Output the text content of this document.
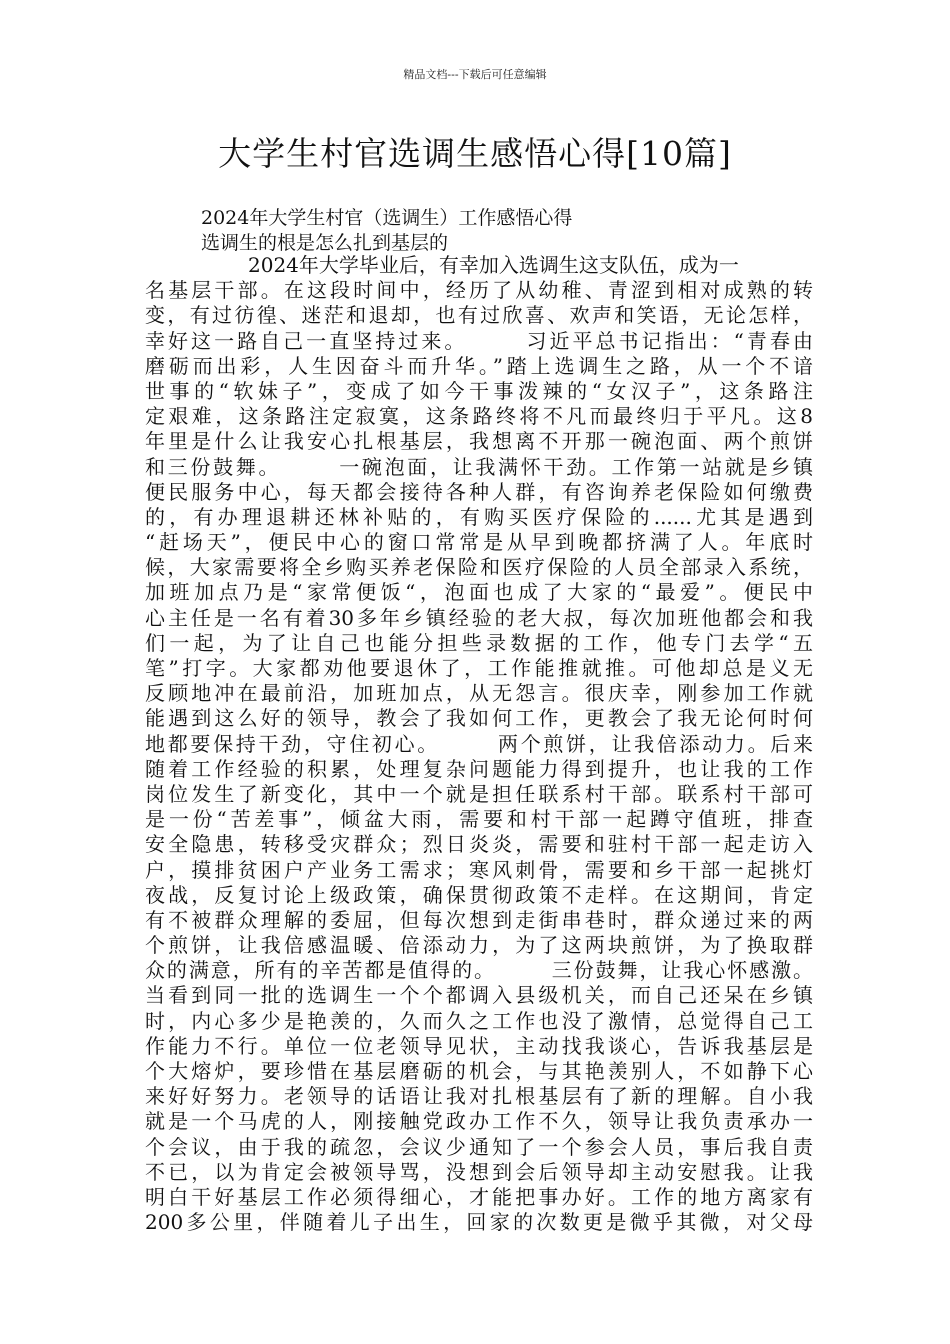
精品文档---下载后可任意编辑
大学生村官选调生感悟心得[10篇]
2024年大学生村官（选调生）工作感悟心得
选调生的根是怎么扎到基层的
2024年大学毕业后，有幸加入选调生这支队伍，成为一
名基层干部。在这段时间中，经历了从幼稚、青涩到相对成熟的转
变，有过彷徨、迷茫和退却，也有过欣喜、欢声和笑语，无论怎样，
幸好这一路自己一直坚持过来。　　　习近平总书记指出：“青春由
磨砺而出彩，人生因奋斗而升华。”踏上选调生之路，从一个不谙
世事的“软妹子”，变成了如今干事泼辣的“女汉子”，这条路注
定艰难，这条路注定寂寞，这条路终将不凡而最终归于平凡。这8
年里是什么让我安心扎根基层，我想离不开那一碗泡面、两个煎饼
和三份鼓舞。　　　一碗泡面，让我满怀干劲。工作第一站就是乡镇
便民服务中心，每天都会接待各种人群，有咨询养老保险如何缴费
的，有办理退耕还林补贴的，有购买医疗保险的......尤其是遇到
“赶场天”，便民中心的窗口常常是从早到晚都挤满了人。年底时
候，大家需要将全乡购买养老保险和医疗保险的人员全部录入系统，
加班加点乃是“家常便饭“，泡面也成了大家的“最爱”。便民中
心主任是一名有着30多年乡镇经验的老大叔，每次加班他都会和我
们一起，为了让自己也能分担些录数据的工作，他专门去学“五
笔”打字。大家都劝他要退休了，工作能推就推。可他却总是义无
反顾地冲在最前沿，加班加点，从无怨言。很庆幸，刚参加工作就
能遇到这么好的领导，教会了我如何工作，更教会了我无论何时何
地都要保持干劲，守住初心。　　　两个煎饼，让我倍添动力。后来
随着工作经验的积累，处理复杂问题能力得到提升，也让我的工作
岗位发生了新变化，其中一个就是担任联系村干部。联系村干部可
是一份“苦差事”，倾盆大雨，需要和村干部一起蹲守值班，排查
安全隐患，转移受灾群众；烈日炎炎，需要和驻村干部一起走访入
户，摸排贫困户产业务工需求；寒风刺骨，需要和乡干部一起挑灯
夜战，反复讨论上级政策，确保贯彻政策不走样。在这期间，肯定
有不被群众理解的委屈，但每次想到走街串巷时，群众递过来的两
个煎饼，让我倍感温暖、倍添动力，为了这两块煎饼，为了换取群
众的满意，所有的辛苦都是值得的。　　　三份鼓舞，让我心怀感激。
当看到同一批的选调生一个个都调入县级机关，而自己还呆在乡镇
时，内心多少是艳羡的，久而久之工作也没了激情，总觉得自己工
作能力不行。单位一位老领导见状，主动找我谈心，告诉我基层是
个大熔炉，要珍惜在基层磨砺的机会，与其艳羡别人，不如静下心
来好好努力。老领导的话语让我对扎根基层有了新的理解。自小我
就是一个马虎的人，刚接触党政办工作不久，领导让我负责承办一
个会议，由于我的疏忽，会议少通知了一个参会人员，事后我自责
不已，以为肯定会被领导骂，没想到会后领导却主动安慰我。让我
明白干好基层工作必须得细心，才能把事办好。工作的地方离家有
200多公里，伴随着儿子出生，回家的次数更是微乎其微，对父母
